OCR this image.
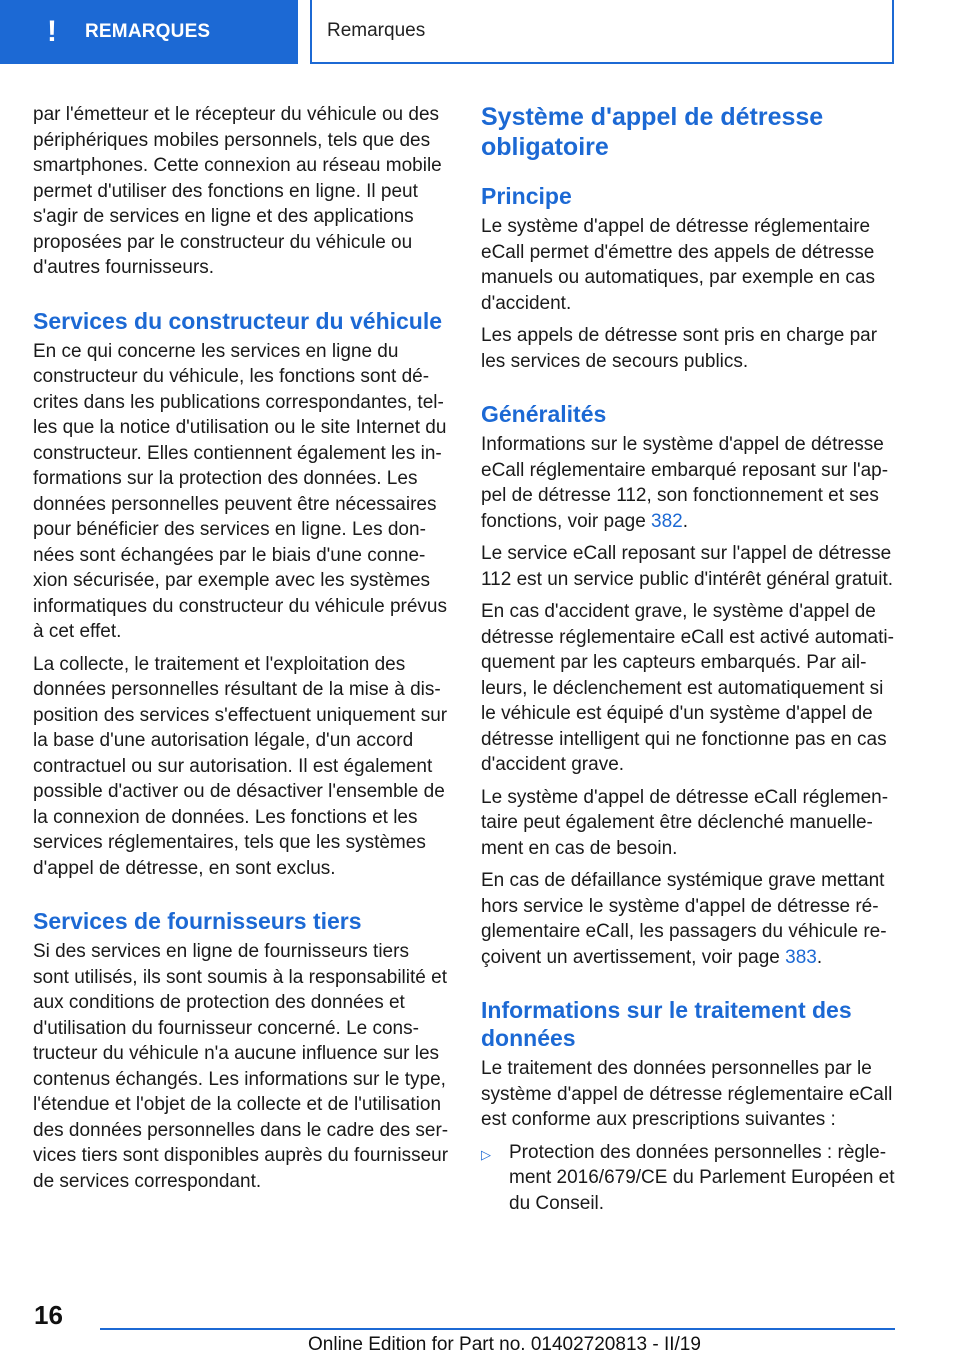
!	REMARQUES	Remarques

par l'émetteur et le récepteur du véhicule ou des périphériques mobiles personnels, tels que des smartphones. Cette connexion au réseau mobile permet d'utiliser des fonctions en ligne. Il peut s'agir de services en ligne et des applications proposées par le constructeur du véhicule ou d'autres fournisseurs.

Services du constructeur du véhicule

En ce qui concerne les services en ligne du constructeur du véhicule, les fonctions sont décrites dans les publications correspondantes, telles que la notice d'utilisation ou le site Internet du constructeur. Elles contiennent également les informations sur la protection des données. Les données personnelles peuvent être nécessaires pour bénéficier des services en ligne. Les données sont échangées par le biais d'une connexion sécurisée, par exemple avec les systèmes informatiques du constructeur du véhicule prévus à cet effet.

La collecte, le traitement et l'exploitation des données personnelles résultant de la mise à disposition des services s'effectuent uniquement sur la base d'une autorisation légale, d'un accord contractuel ou sur autorisation. Il est également possible d'activer ou de désactiver l'ensemble de la connexion de données. Les fonctions et les services réglementaires, tels que les systèmes d'appel de détresse, en sont exclus.

Services de fournisseurs tiers

Si des services en ligne de fournisseurs tiers sont utilisés, ils sont soumis à la responsabilité et aux conditions de protection des données et d'utilisation du fournisseur concerné. Le constructeur du véhicule n'a aucune influence sur les contenus échangés. Les informations sur le type, l'étendue et l'objet de la collecte et de l'utilisation des données personnelles dans le cadre des services tiers sont disponibles auprès du fournisseur de services correspondant.

Système d'appel de détresse obligatoire
Principe

Le système d'appel de détresse réglementaire eCall permet d'émettre des appels de détresse manuels ou automatiques, par exemple en cas d'accident.

Les appels de détresse sont pris en charge par les services de secours publics.

Généralités

Informations sur le système d'appel de détresse eCall réglementaire embarqué reposant sur l'appel de détresse 112, son fonctionnement et ses fonctions, voir page 382.

Le service eCall reposant sur l'appel de détresse 112 est un service public d'intérêt général gratuit.

En cas d'accident grave, le système d'appel de détresse réglementaire eCall est activé automatiquement par les capteurs embarqués. Par ailleurs, le déclenchement est automatiquement si le véhicule est équipé d'un système d'appel de détresse intelligent qui ne fonctionne pas en cas d'accident grave.

Le système d'appel de détresse eCall réglementaire peut également être déclenché manuellement en cas de besoin.

En cas de défaillance systémique grave mettant hors service le système d'appel de détresse réglementaire eCall, les passagers du véhicule reçoivent un avertissement, voir page 383.

Informations sur le traitement des données

Le traitement des données personnelles par le système d'appel de détresse réglementaire eCall est conforme aux prescriptions suivantes :

▷ Protection des données personnelles : règlement 2016/679/CE du Parlement Européen et du Conseil.
16
Online Edition for Part no. 01402720813 - II/19
